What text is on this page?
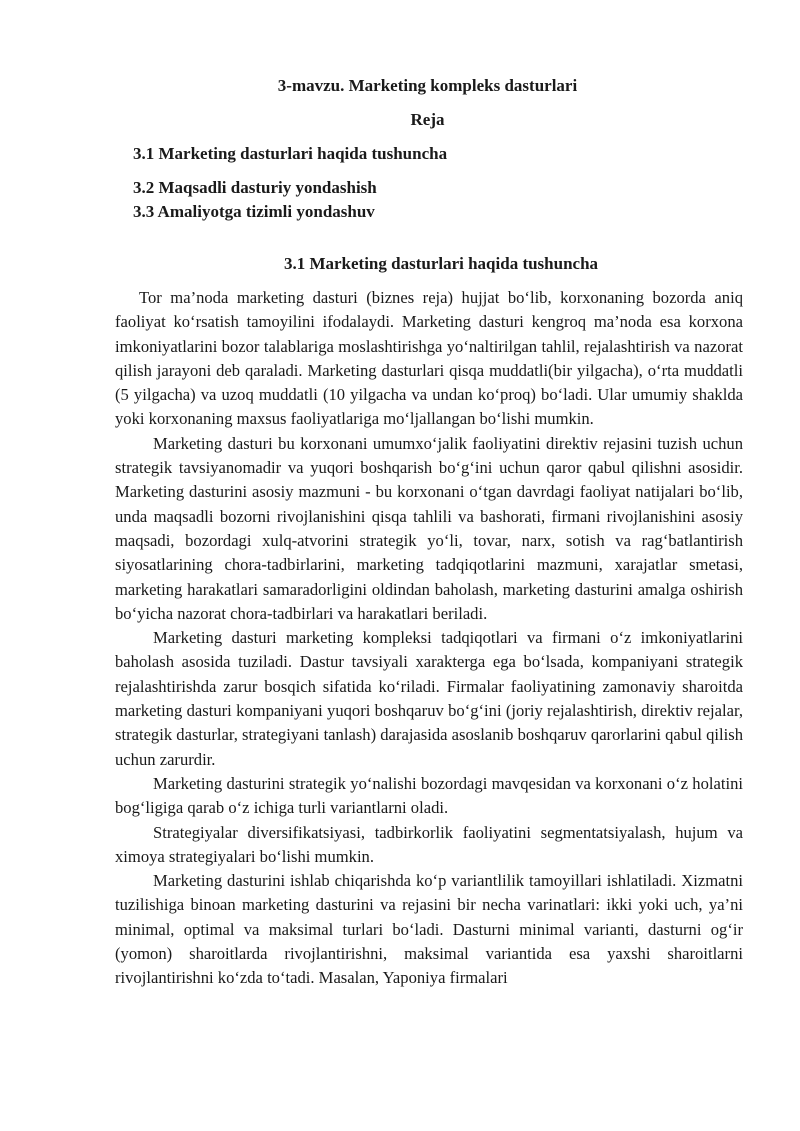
3-mavzu. Marketing kompleks dasturlari
Reja
3.1 Marketing dasturlari haqida tushuncha
3.2 Maqsadli dasturiy yondashish
3.3 Amaliyotga tizimli yondashuv
3.1 Marketing dasturlari haqida tushuncha

Tor ma’noda marketing dasturi (biznes reja) hujjat bo‘lib, korxonaning bozorda aniq faoliyat ko‘rsatish tamoyilini ifodalaydi. Marketing dasturi kengroq ma’noda esa korxona imkoniyatlarini bozor talablariga moslashtirishga yo‘naltirilgan tahlil, rejalashtirish va nazorat qilish jarayoni deb qaraladi. Marketing dasturlari qisqa muddatli(bir yilgacha), o‘rta muddatli (5 yilgacha) va uzoq muddatli (10 yilgacha va undan ko‘proq) bo‘ladi. Ular umumiy shaklda yoki korxonaning maxsus faoliyatlariga mo‘ljallangan bo‘lishi mumkin.

Marketing dasturi bu korxonani umumxo‘jalik faoliyatini direktiv rejasini tuzish uchun strategik tavsiyanomadir va yuqori boshqarish bo‘g‘ini uchun qaror qabul qilishni asosidir. Marketing dasturini asosiy mazmuni - bu korxonani o‘tgan davrdagi faoliyat natijalari bo‘lib, unda maqsadli bozorni rivojlanishini qisqa tahlili va bashorati, firmani rivojlanishini asosiy maqsadi, bozordagi xulq-atvorini strategik yo‘li, tovar, narx, sotish va rag‘batlantirish siyosatlarining chora-tadbirlarini, marketing tadqiqotlarini mazmuni, xarajatlar smetasi, marketing harakatlari samaradorligini oldindan baholash, marketing dasturini amalga oshirish bo‘yicha nazorat chora-tadbirlari va harakatlari beriladi.

Marketing dasturi marketing kompleksi tadqiqotlari va firmani o‘z imkoniyatlarini baholash asosida tuziladi. Dastur tavsiyali xarakterga ega bo‘lsada, kompaniyani strategik rejalashtirishda zarur bosqich sifatida ko‘riladi. Firmalar faoliyatining zamonaviy sharoitda marketing dasturi kompaniyani yuqori boshqaruv bo‘g‘ini (joriy rejalashtirish, direktiv rejalar, strategik dasturlar, strategiyani tanlash) darajasida asoslanib boshqaruv qarorlarini qabul qilish uchun zarurdir.

Marketing dasturini strategik yo‘nalishi bozordagi mavqesidan va korxonani o‘z holatini bog‘ligiga qarab o‘z ichiga turli variantlarni oladi.

Strategiyalar diversifikatsiyasi, tadbirkorlik faoliyatini segmentatsiyalash, hujum va ximoya strategiyalari bo‘lishi mumkin.

Marketing dasturini ishlab chiqarishda ko‘p variantlilik tamoyillari ishlatiladi. Xizmatni tuzilishiga binoan marketing dasturini va rejasini bir necha varinatlari: ikki yoki uch, ya’ni minimal, optimal va maksimal turlari bo‘ladi. Dasturni minimal varianti, dasturni og‘ir (yomon) sharoitlarda rivojlantirishni, maksimal variantida esa yaxshi sharoitlarni rivojlantirishni ko‘zda to‘tadi. Masalan, Yaponiya firmalari
